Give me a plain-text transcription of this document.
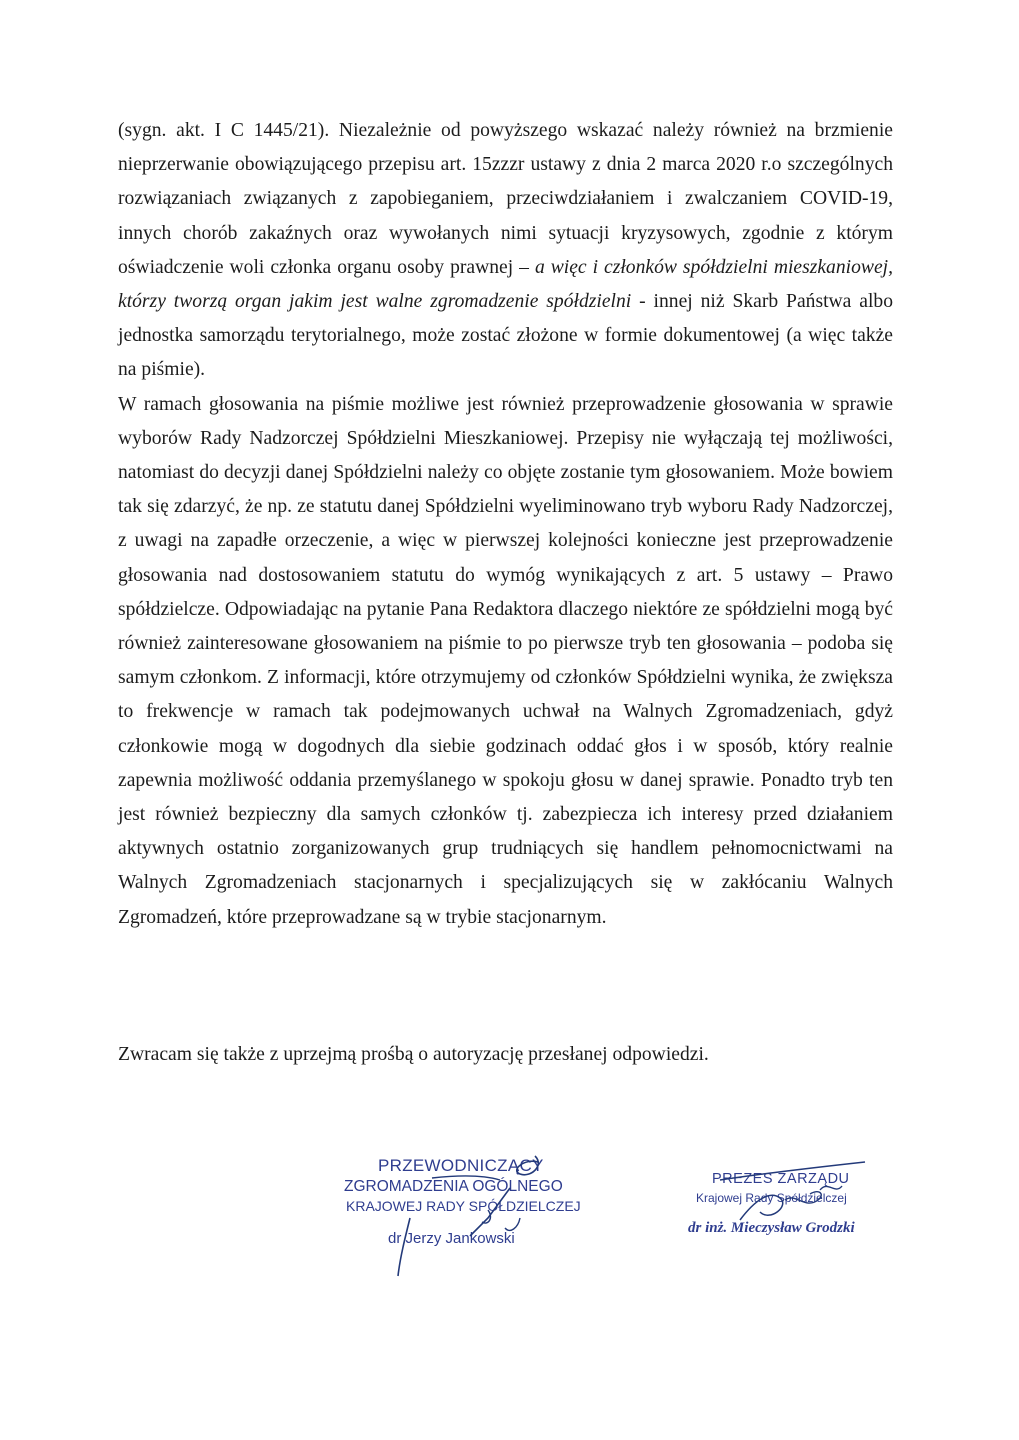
(sygn. akt. I C 1445/21). Niezależnie od powyższego wskazać należy również na brzmienie nieprzerwanie obowiązującego przepisu art. 15zzzr ustawy z dnia 2 marca 2020 r.o szczególnych rozwiązaniach związanych z zapobieganiem, przeciwdziałaniem i zwalczaniem COVID-19, innych chorób zakaźnych oraz wywołanych nimi sytuacji kryzysowych, zgodnie z którym oświadczenie woli członka organu osoby prawnej – a więc i członków spółdzielni mieszkaniowej, którzy tworzą organ jakim jest walne zgromadzenie spółdzielni - innej niż Skarb Państwa albo jednostka samorządu terytorialnego, może zostać złożone w formie dokumentowej (a więc także na piśmie).

W ramach głosowania na piśmie możliwe jest również przeprowadzenie głosowania w sprawie wyborów Rady Nadzorczej Spółdzielni Mieszkaniowej. Przepisy nie wyłączają tej możliwości, natomiast do decyzji danej Spółdzielni należy co objęte zostanie tym głosowaniem. Może bowiem tak się zdarzyć, że np. ze statutu danej Spółdzielni wyeliminowano tryb wyboru Rady Nadzorczej, z uwagi na zapadłe orzeczenie, a więc w pierwszej kolejności konieczne jest przeprowadzenie głosowania nad dostosowaniem statutu do wymóg wynikających z art. 5 ustawy – Prawo spółdzielcze. Odpowiadając na pytanie Pana Redaktora dlaczego niektóre ze spółdzielni mogą być również zainteresowane głosowaniem na piśmie to po pierwsze tryb ten głosowania – podoba się samym członkom. Z informacji, które otrzymujemy od członków Spółdzielni wynika, że zwiększa to frekwencje w ramach tak podejmowanych uchwał na Walnych Zgromadzeniach, gdyż członkowie mogą w dogodnych dla siebie godzinach oddać głos i w sposób, który realnie zapewnia możliwość oddania przemyślanego w spokoju głosu w danej sprawie. Ponadto tryb ten jest również bezpieczny dla samych członków tj. zabezpiecza ich interesy przed działaniem aktywnych ostatnio zorganizowanych grup trudniących się handlem pełnomocnictwami na Walnych Zgromadzeniach stacjonarnych i specjalizujących się w zakłócaniu Walnych Zgromadzeń, które przeprowadzane są w trybie stacjonarnym.

Zwracam się także z uprzejmą prośbą o autoryzację przesłanej odpowiedzi.

PRZEWODNICZĄCY
ZGROMADZENIA OGÓLNEGO
KRAJOWEJ RADY SPÓŁDZIELCZEJ
dr Jerzy Jankowski
PREZES ZARZĄDU
Krajowej Rady Spółdzielczej
dr inż. Mieczysław Grodzki
